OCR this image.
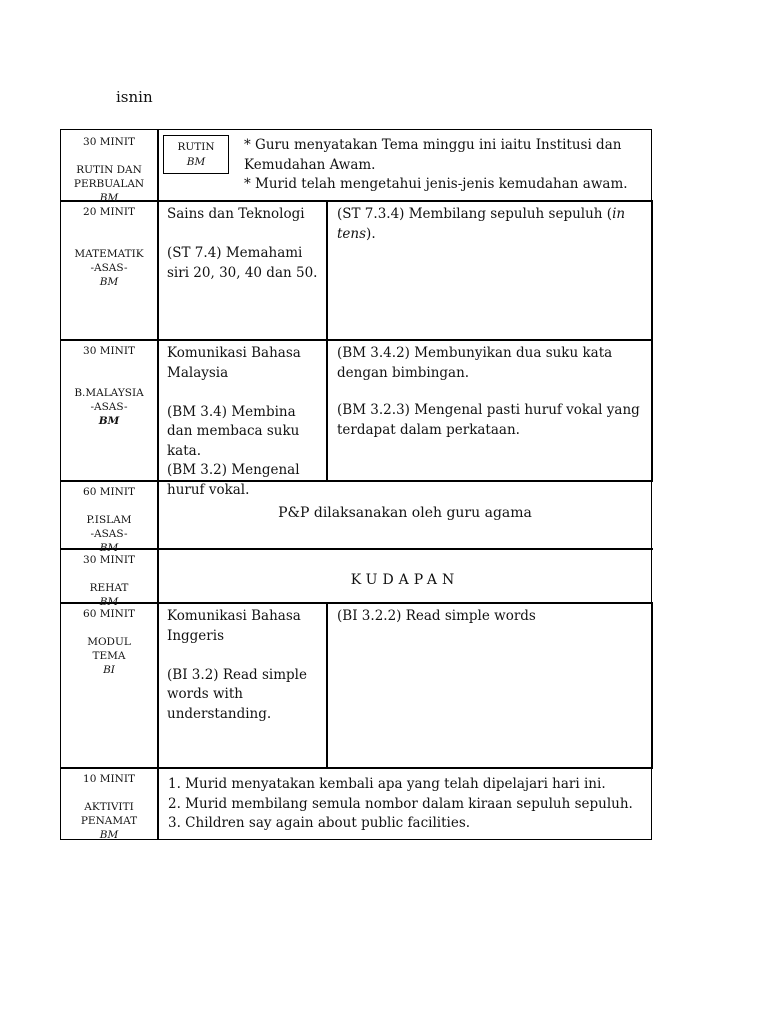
isnin
30 MINIT
RUTIN DAN
PERBUALAN
BM
RUTIN
BM
* Guru menyatakan Tema minggu ini iaitu Institusi dan
Kemudahan Awam.
* Murid telah mengetahui jenis-jenis kemudahan awam.
20 MINIT
MATEMATIK
-ASAS-
BM
Sains dan Teknologi
(ST 7.4) Memahami
siri 20, 30, 40 dan 50.
(ST 7.3.4) Membilang sepuluh sepuluh (in
tens).
30 MINIT
B.MALAYSIA
-ASAS-
BM
Komunikasi Bahasa
Malaysia
(BM 3.4) Membina
dan membaca suku
kata.
(BM 3.2) Mengenal
huruf vokal.
(BM 3.4.2) Membunyikan dua suku kata
dengan bimbingan.
(BM 3.2.3) Mengenal pasti huruf vokal yang
terdapat dalam perkataan.
60 MINIT
P.ISLAM
-ASAS-
BM
P&P dilaksanakan oleh guru agama
30 MINIT
REHAT
BM
KUDAPAN
60 MINIT
MODUL
TEMA
BI
Komunikasi Bahasa
Inggeris
(BI 3.2) Read simple
words with
understanding.
(BI 3.2.2) Read simple words
10 MINIT
AKTIVITI
PENAMAT
BM
1. Murid menyatakan kembali apa yang telah dipelajari hari ini.
2. Murid membilang semula nombor dalam kiraan sepuluh sepuluh.
3. Children say again about public facilities.
